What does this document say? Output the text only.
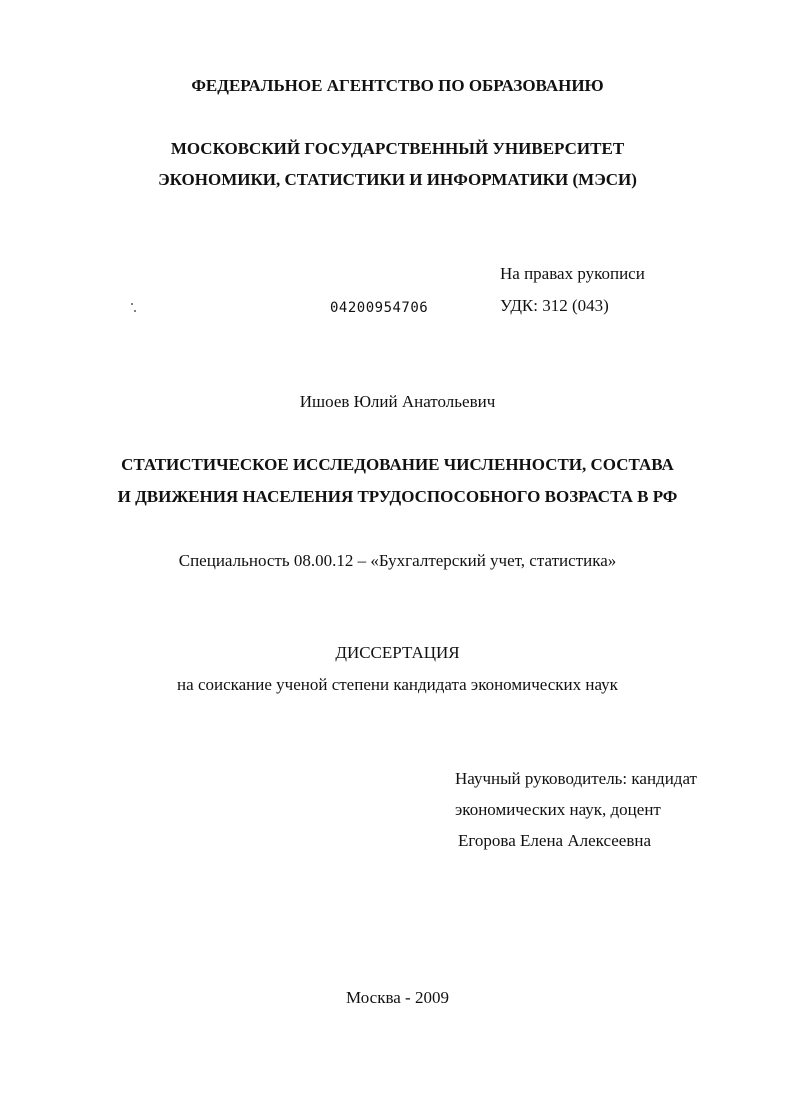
ФЕДЕРАЛЬНОЕ АГЕНТСТВО ПО ОБРАЗОВАНИЮ
МОСКОВСКИЙ ГОСУДАРСТВЕННЫЙ УНИВЕРСИТЕТ
ЭКОНОМИКИ, СТАТИСТИКИ И ИНФОРМАТИКИ (МЭСИ)
На правах рукописи
04200954706	УДК: 312 (043)
Ишоев Юлий Анатольевич
СТАТИСТИЧЕСКОЕ ИССЛЕДОВАНИЕ ЧИСЛЕННОСТИ, СОСТАВА
И ДВИЖЕНИЯ НАСЕЛЕНИЯ ТРУДОСПОСОБНОГО ВОЗРАСТА В РФ
Специальность 08.00.12 – «Бухгалтерский учет, статистика»
ДИССЕРТАЦИЯ
на соискание ученой степени кандидата экономических наук
Научный руководитель: кандидат
экономических наук, доцент
Егорова Елена Алексеевна
Москва - 2009
